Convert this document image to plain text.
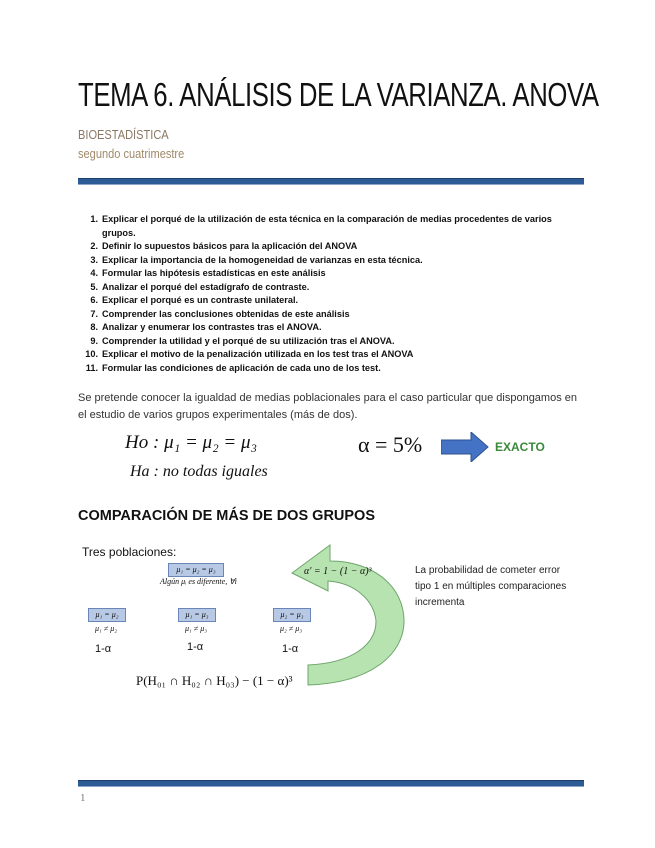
TEMA 6. ANÁLISIS DE LA VARIANZA. ANOVA
BIOESTADÍSTICA
segundo cuatrimestre
1. Explicar el porqué de la utilización de esta técnica en la comparación de medias procedentes de varios grupos.
2. Definir lo supuestos básicos para la aplicación del ANOVA
3. Explicar la importancia de la homogeneidad de varianzas en esta técnica.
4. Formular las hipótesis estadísticas en este análisis
5. Analizar el porqué del estadígrafo de contraste.
6. Explicar el porqué es un contraste unilateral.
7. Comprender las conclusiones obtenidas de este análisis
8. Analizar y enumerar los contrastes tras el ANOVA.
9. Comprender la utilidad y el porqué de su utilización tras el ANOVA.
10. Explicar el motivo de la penalización utilizada en los test tras el ANOVA
11. Formular las condiciones de aplicación de cada uno de los test.
Se pretende conocer la igualdad de medias poblacionales para el caso particular que dispongamos en el estudio de varios grupos experimentales (más de dos).
Ho : μ₁ = μ₂ = μ₃
Ha : no todas iguales
α = 5%	EXACTO
COMPARACIÓN DE MÁS DE DOS GRUPOS
Tres poblaciones:
μ₁ = μ₂ = μ₃
Algún μᵢ es diferente, ∀i
α' = 1 − (1 − α)³	La probabilidad de cometer error tipo 1 en múltiples comparaciones incrementa
μ₁ = μ₂
μ₁ ≠ μ₂
1-α
μ₁ = μ₃
μ₁ ≠ μ₃
1-α
μ₂ = μ₃
μ₂ ≠ μ₃
1-α
P(H₀₁ ∩ H₀₂ ∩ H₀₃) − (1 − α)³
1
